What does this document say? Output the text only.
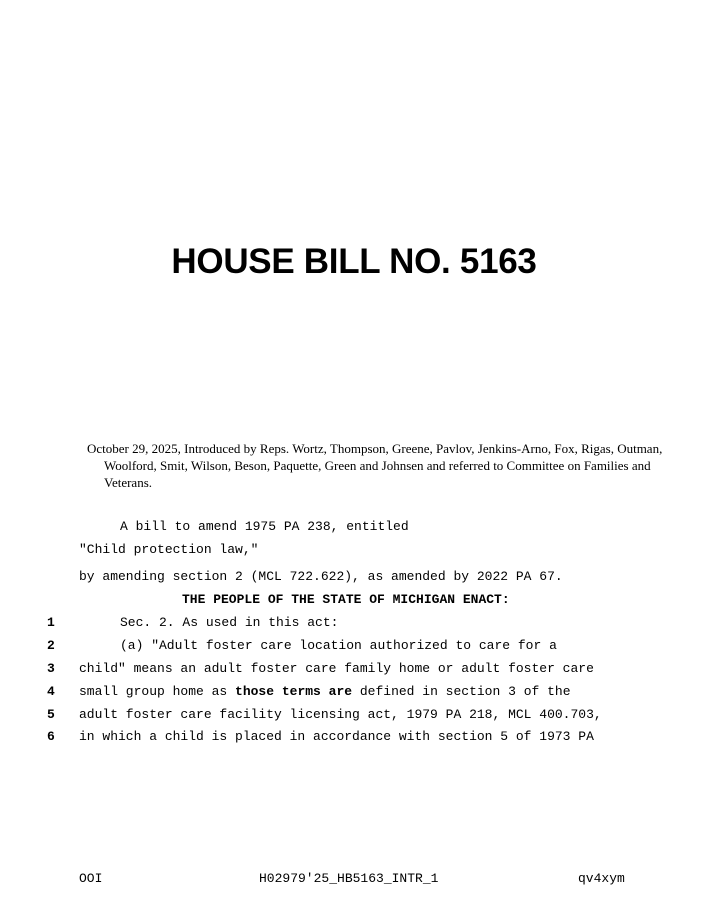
HOUSE BILL NO. 5163

October 29, 2025, Introduced by Reps. Wortz, Thompson, Greene, Pavlov, Jenkins-Arno, Fox, Rigas, Outman, Woolford, Smit, Wilson, Beson, Paquette, Green and Johnsen and referred to Committee on Families and Veterans.

A bill to amend 1975 PA 238, entitled
"Child protection law,"
by amending section 2 (MCL 722.622), as amended by 2022 PA 67.
THE PEOPLE OF THE STATE OF MICHIGAN ENACT:
1	Sec. 2. As used in this act:
2	(a) "Adult foster care location authorized to care for a
3 child" means an adult foster care family home or adult foster care
4 small group home as those terms are defined in section 3 of the
5 adult foster care facility licensing act, 1979 PA 218, MCL 400.703,
6 in which a child is placed in accordance with section 5 of 1973 PA
OOI	H02979'25_HB5163_INTR_1	qv4xym
